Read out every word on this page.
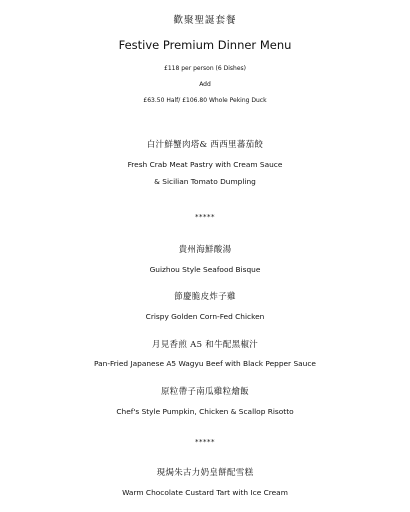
歡聚聖誕套餐
Festive Premium Dinner Menu
£118 per person (6 Dishes)
Add
£63.50 Half/ £106.80 Whole Peking Duck
白汁鮮蟹肉塔& 西西里蕃茄餃
Fresh Crab Meat Pastry with Cream Sauce
& Sicilian Tomato Dumpling
*****
貴州海鮮酸湯
Guizhou Style Seafood Bisque
節慶脆皮炸子雞
Crispy Golden Corn-Fed Chicken
月見香煎 A5 和牛配黑椒汁
Pan-Fried Japanese A5 Wagyu Beef with Black Pepper Sauce
原粒帶子南瓜雞粒燴飯
Chef's Style Pumpkin, Chicken & Scallop Risotto
*****
現焗朱古力奶皇餅配雪糕
Warm Chocolate Custard Tart with Ice Cream
